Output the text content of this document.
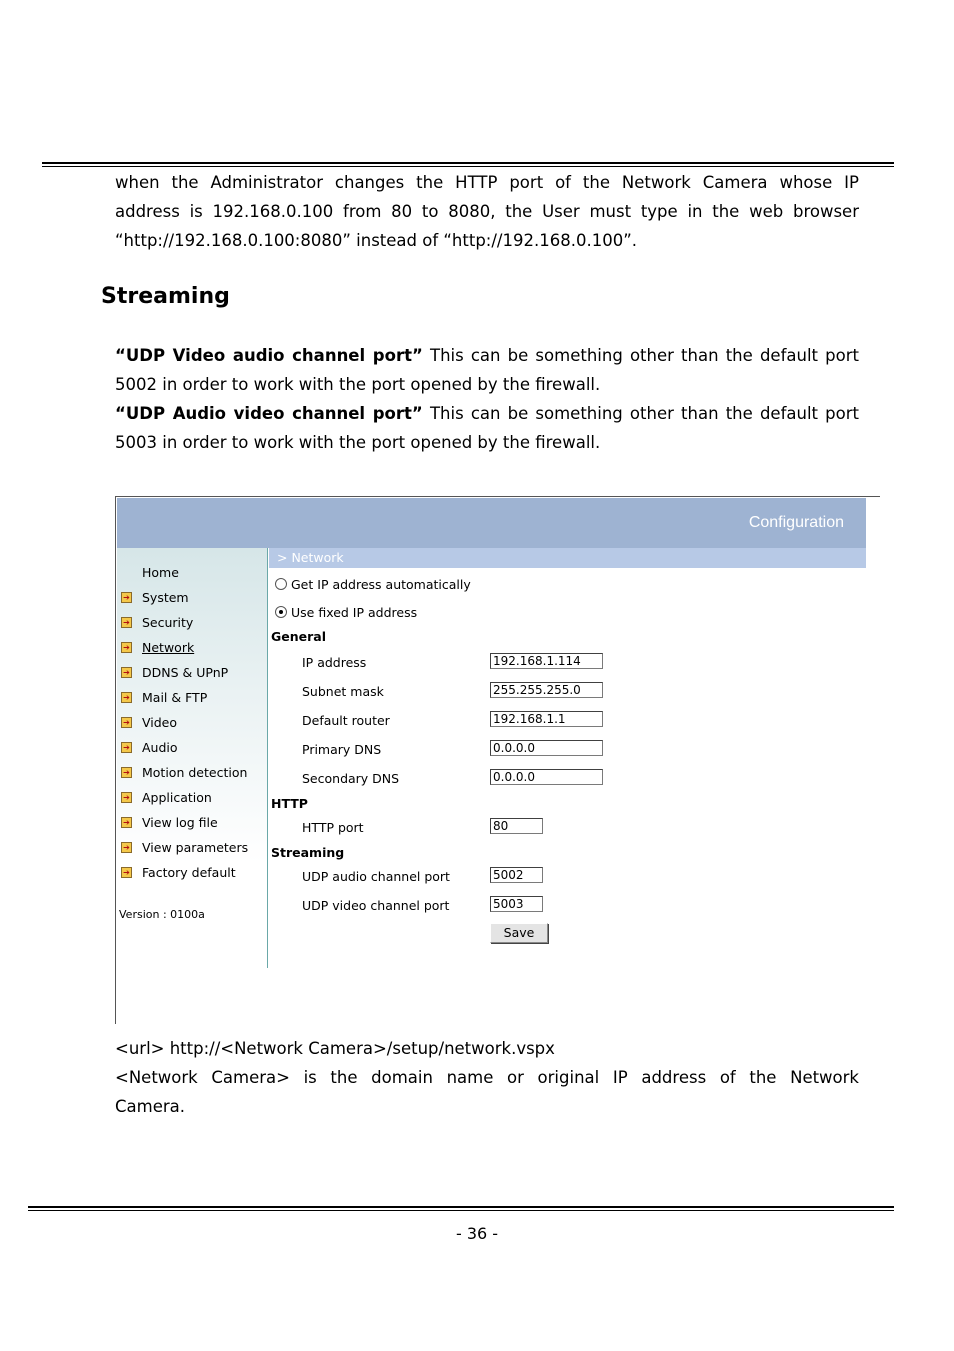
when the Administrator changes the HTTP port of the Network Camera whose IP

address is 192.168.0.100 from 80 to 8080, the User must type in the web browser

“http://192.168.0.100:8080” instead of “http://192.168.0.100”.

Streaming

“UDP Video audio channel port” This can be something other than the default port

5002 in order to work with the port opened by the firewall.

“UDP Audio video channel port” This can be something other than the default port

5003 in order to work with the port opened by the firewall.

Configuration
Home
➔ System
➔ Security
➔ Network
➔ DDNS & UPnP
➔ Mail & FTP
➔ Video
➔ Audio
➔ Motion detection
➔ Application
➔ View log file
➔ View parameters
➔ Factory default
Version : 0100a
> Network
Get IP address automatically
Use fixed IP address
General
IP address	192.168.1.114
Subnet mask	255.255.255.0
Default router	192.168.1.1
Primary DNS	0.0.0.0
Secondary DNS	0.0.0.0
HTTP
HTTP port	80
Streaming
UDP audio channel port	5002
UDP video channel port	5003
Save

<url> http://<Network Camera>/setup/network.vspx

<Network Camera> is the domain name or original IP address of the Network

Camera.

- 36 -
